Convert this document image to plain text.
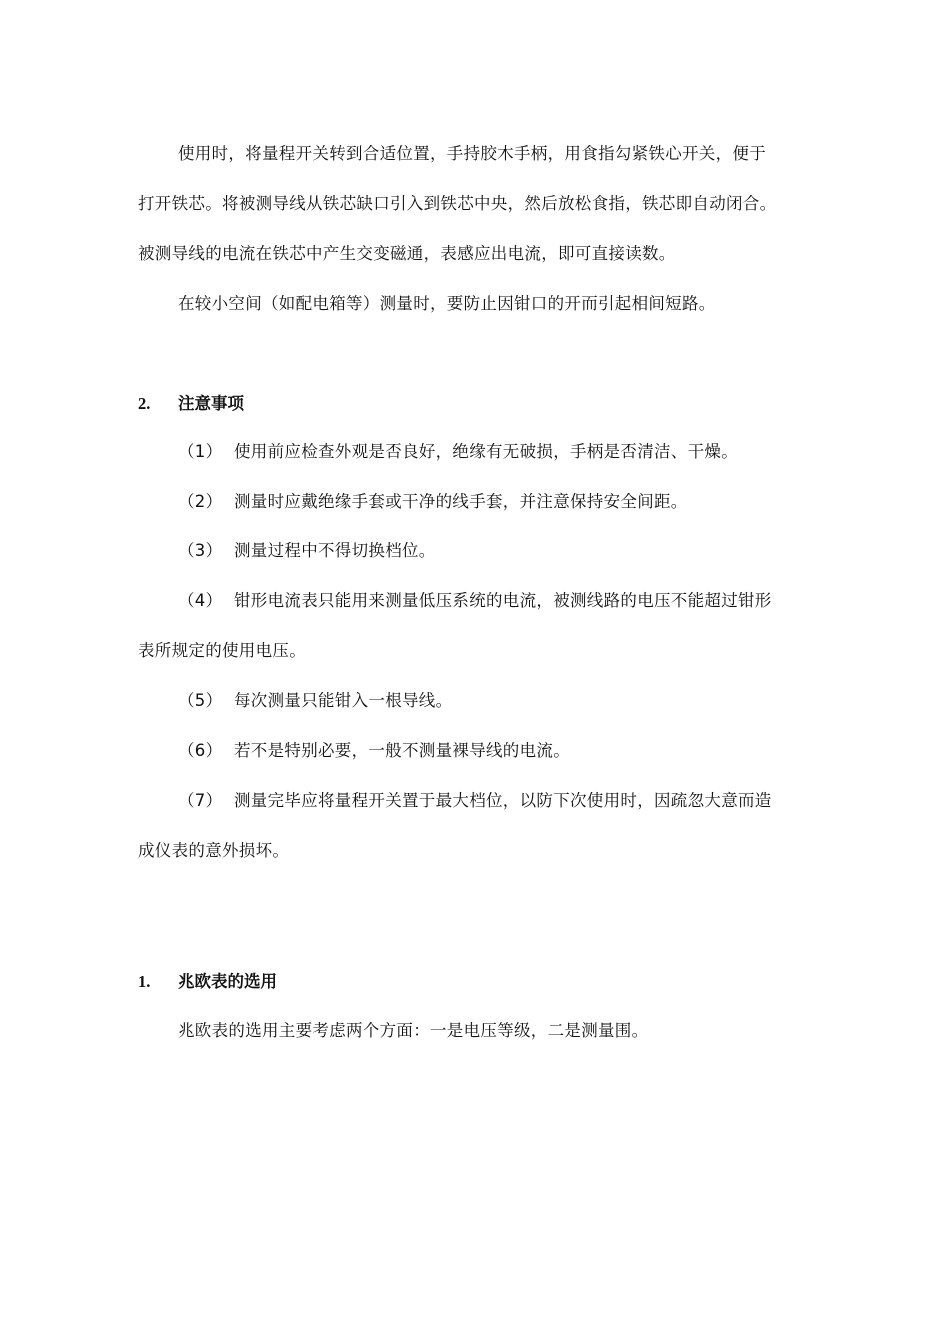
使用时，将量程开关转到合适位置，手持胶木手柄，用食指勾紧铁心开关，便于
打开铁芯。将被测导线从铁芯缺口引入到铁芯中央，然后放松食指，铁芯即自动闭合。
被测导线的电流在铁芯中产生交变磁通，表感应出电流，即可直接读数。
在较小空间（如配电箱等）测量时，要防止因钳口的开而引起相间短路。
2. 注意事项
（1） 使用前应检查外观是否良好，绝缘有无破损，手柄是否清洁、干燥。
（2） 测量时应戴绝缘手套或干净的线手套，并注意保持安全间距。
（3） 测量过程中不得切换档位。
（4） 钳形电流表只能用来测量低压系统的电流，被测线路的电压不能超过钳形
表所规定的使用电压。
（5） 每次测量只能钳入一根导线。
（6） 若不是特别必要，一般不测量裸导线的电流。
（7） 测量完毕应将量程开关置于最大档位，以防下次使用时，因疏忽大意而造
成仪表的意外损坏。
1. 兆欧表的选用
兆欧表的选用主要考虑两个方面：一是电压等级，二是测量围。
